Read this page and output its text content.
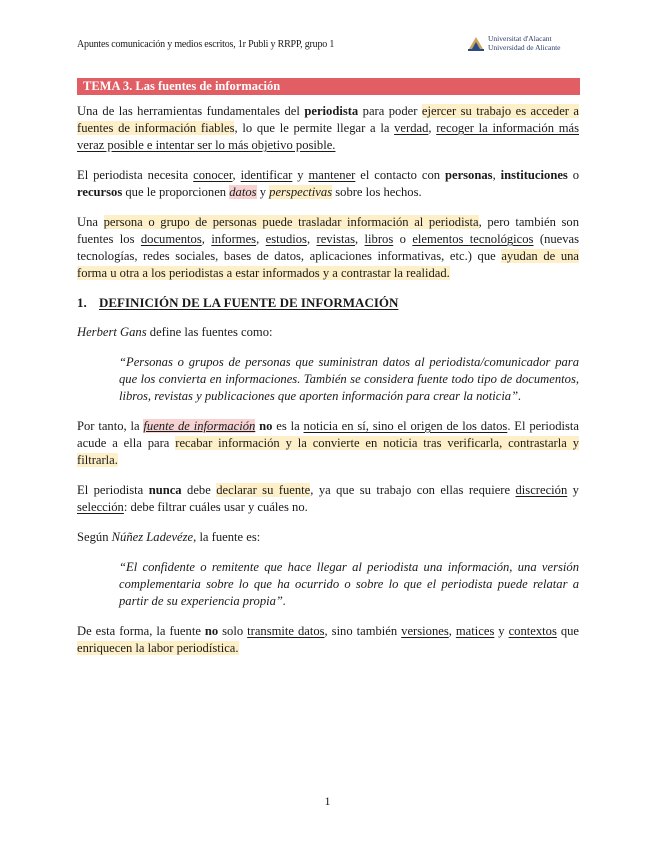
Apuntes comunicación y medios escritos, 1r Publi y RRPP, grupo 1
Universitat d'Alacant
Universidad de Alicante
TEMA 3. Las fuentes de información

Una de las herramientas fundamentales del periodista para poder ejercer su trabajo es acceder a fuentes de información fiables, lo que le permite llegar a la verdad, recoger la información más veraz posible e intentar ser lo más objetivo posible.

El periodista necesita conocer, identificar y mantener el contacto con personas, instituciones o recursos que le proporcionen datos y perspectivas sobre los hechos.

Una persona o grupo de personas puede trasladar información al periodista, pero también son fuentes los documentos, informes, estudios, revistas, libros o elementos tecnológicos (nuevas tecnologías, redes sociales, bases de datos, aplicaciones informativas, etc.) que ayudan de una forma u otra a los periodistas a estar informados y a contrastar la realidad.

1. DEFINICIÓN DE LA FUENTE DE INFORMACIÓN

Herbert Gans define las fuentes como:

“Personas o grupos de personas que suministran datos al periodista/comunicador para que los convierta en informaciones. También se considera fuente todo tipo de documentos, libros, revistas y publicaciones que aporten información para crear la noticia”.

Por tanto, la fuente de información no es la noticia en sí, sino el origen de los datos. El periodista acude a ella para recabar información y la convierte en noticia tras verificarla, contrastarla y filtrarla.

El periodista nunca debe declarar su fuente, ya que su trabajo con ellas requiere discreción y selección: debe filtrar cuáles usar y cuáles no.

Según Núñez Ladevéze, la fuente es:

“El confidente o remitente que hace llegar al periodista una información, una versión complementaria sobre lo que ha ocurrido o sobre lo que el periodista puede relatar a partir de su experiencia propia”.

De esta forma, la fuente no solo transmite datos, sino también versiones, matices y contextos que enriquecen la labor periodística.

1
